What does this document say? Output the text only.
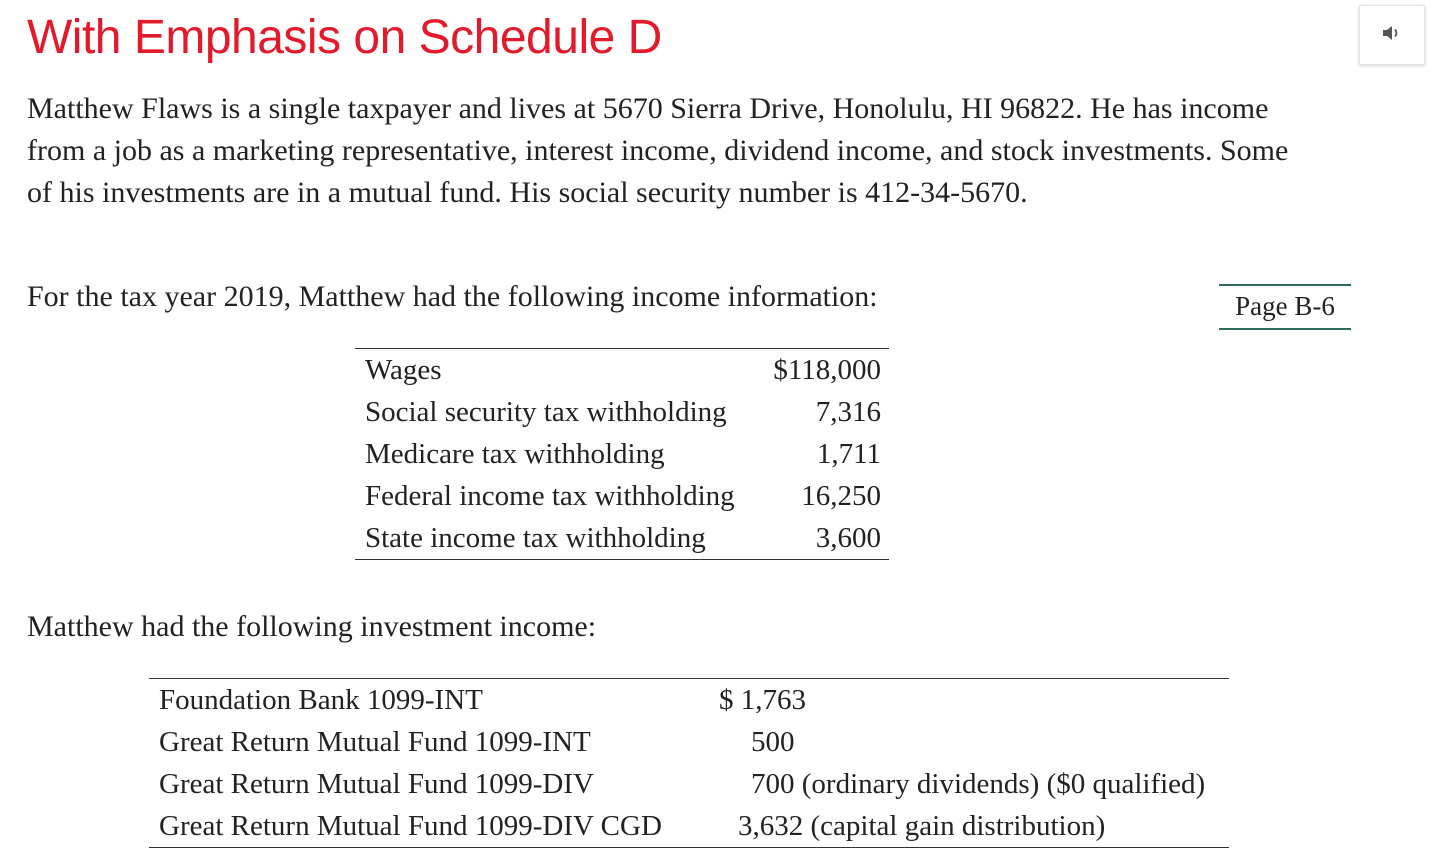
With Emphasis on Schedule D

Matthew Flaws is a single taxpayer and lives at 5670 Sierra Drive, Honolulu, HI 96822. He has income from a job as a marketing representative, interest income, dividend income, and stock investments. Some of his investments are in a mutual fund. His social security number is 412-34-5670.

For the tax year 2019, Matthew had the following income information:	Page B-6
Wages	$118,000
Social security tax withholding	7,316
Medicare tax withholding	1,711
Federal income tax withholding	16,250
State income tax withholding	3,600

Matthew had the following investment income:

Foundation Bank 1099-INT	$ 1,763
Great Return Mutual Fund 1099-INT	500
Great Return Mutual Fund 1099-DIV	700 (ordinary dividends) ($0 qualified)
Great Return Mutual Fund 1099-DIV CGD	3,632 (capital gain distribution)
